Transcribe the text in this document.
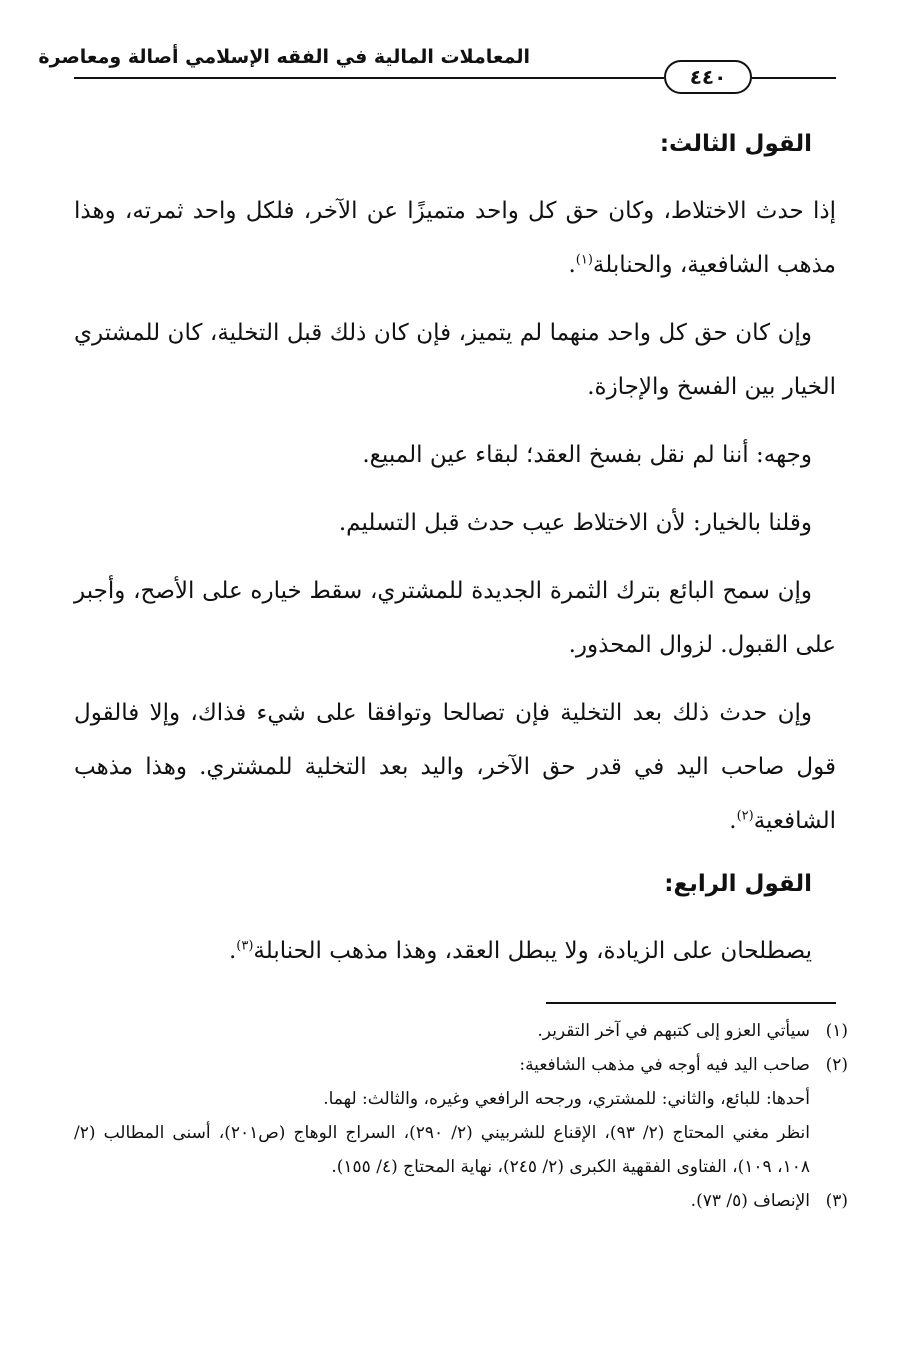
المعاملات المالية في الفقه الإسلامي أصالة ومعاصرة
٤٤٠
القول الثالث:

إذا حدث الاختلاط، وكان حق كل واحد متميزًا عن الآخر، فلكل واحد ثمرته، وهذا مذهب الشافعية، والحنابلة$^{(١)}$.

وإن كان حق كل واحد منهما لم يتميز، فإن كان ذلك قبل التخلية، كان للمشتري الخيار بين الفسخ والإجازة.

وجهه: أننا لم نقل بفسخ العقد؛ لبقاء عين المبيع.

وقلنا بالخيار: لأن الاختلاط عيب حدث قبل التسليم.

وإن سمح البائع بترك الثمرة الجديدة للمشتري، سقط خياره على الأصح، وأجبر على القبول. لزوال المحذور.

وإن حدث ذلك بعد التخلية فإن تصالحا وتوافقا على شيء فذاك، وإلا فالقول قول صاحب اليد في قدر حق الآخر، واليد بعد التخلية للمشتري. وهذا مذهب الشافعية$^{(٢)}$.

القول الرابع:

يصطلحان على الزيادة، ولا يبطل العقد، وهذا مذهب الحنابلة$^{(٣)}$.

(١)
سيأتي العزو إلى كتبهم في آخر التقرير.
(٢)

صاحب اليد فيه أوجه في مذهب الشافعية:

أحدها: للبائع، والثاني: للمشتري، ورجحه الرافعي وغيره، والثالث: لهما.

انظر مغني المحتاج (٢/ ٩٣)، الإقناع للشربيني (٢/ ٢٩٠)، السراج الوهاج (ص٢٠١)، أسنى المطالب (٢/ ١٠٨، ١٠٩)، الفتاوى الفقهية الكبرى (٢/ ٢٤٥)، نهاية المحتاج (٤/ ١٥٥).

(٣)
الإنصاف (٥/ ٧٣).
